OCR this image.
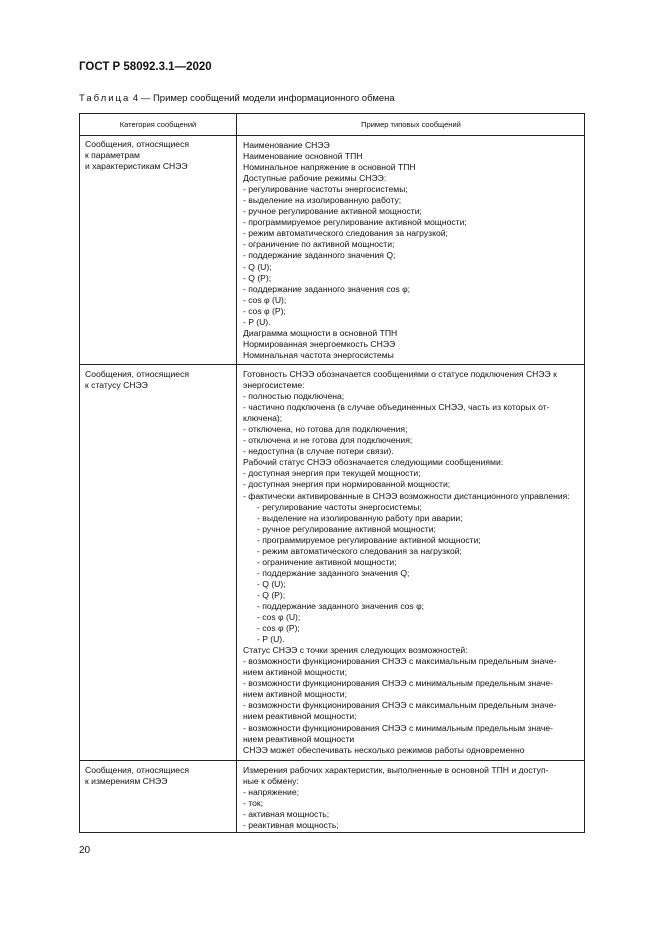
ГОСТ Р 58092.3.1—2020
Таблица 4 — Пример сообщений модели информационного обмена
Категория сообщений	Пример типовых сообщений
Сообщения, относящиеся
к параметрам
и характеристикам СНЭЭ
Наименование СНЭЭ
Наименование основной ТПН
Номинальное напряжение в основной ТПН
Доступные рабочие режимы СНЭЭ:
- регулирование частоты энергосистемы;
- выделение на изолированную работу;
- ручное регулирование активной мощности;
- программируемое регулирование активной мощности;
- режим автоматического следования за нагрузкой;
- ограничение по активной мощности;
- поддержание заданного значения Q;
- Q (U);
- Q (P);
- поддержание заданного значения cos φ;
- cos φ (U);
- cos φ (P);
- P (U).
Диаграмма мощности в основной ТПН
Нормированная энергоемкость СНЭЭ
Номинальная частота энергосистемы
Сообщения, относящиеся
к статусу СНЭЭ
Готовность СНЭЭ обозначается сообщениями о статусе подключения СНЭЭ к
энергосистеме:
- полностью подключена;
- частично подключена (в случае объединенных СНЭЭ, часть из которых от-
ключена);
- отключена, но готова для подключения;
- отключена и не готова для подключения;
- недоступна (в случае потери связи).
Рабочий статус СНЭЭ обозначается следующими сообщениями:
- доступная энергия при текущей мощности;
- доступная энергия при нормированной мощности;
- фактически активированные в СНЭЭ возможности дистанционного управления:
- регулирование частоты энергосистемы;
- выделение на изолированную работу при аварии;
- ручное регулирование активной мощности;
- программируемое регулирование активной мощности;
- режим автоматического следования за нагрузкой;
- ограничение активной мощности;
- поддержание заданного значения Q;
- Q (U);
- Q (P);
- поддержание заданного значения cos φ;
- cos φ (U);
- cos φ (P);
- P (U).
Статус СНЭЭ с точки зрения следующих возможностей:
- возможности функционирования СНЭЭ с максимальным предельным значе-
нием активной мощности;
- возможности функционирования СНЭЭ с минимальным предельным значе-
нием активной мощности;
- возможности функционирования СНЭЭ с максимальным предельным значе-
нием реактивной мощности;
- возможности функционирования СНЭЭ с минимальным предельным значе-
нием реактивной мощности
СНЭЭ может обеспечивать несколько режимов работы одновременно
Сообщения, относящиеся
к измерениям СНЭЭ
Измерения рабочих характеристик, выполненные в основной ТПН и доступ-
ные к обмену:
- напряжение;
- ток;
- активная мощность;
- реактивная мощность;
20
